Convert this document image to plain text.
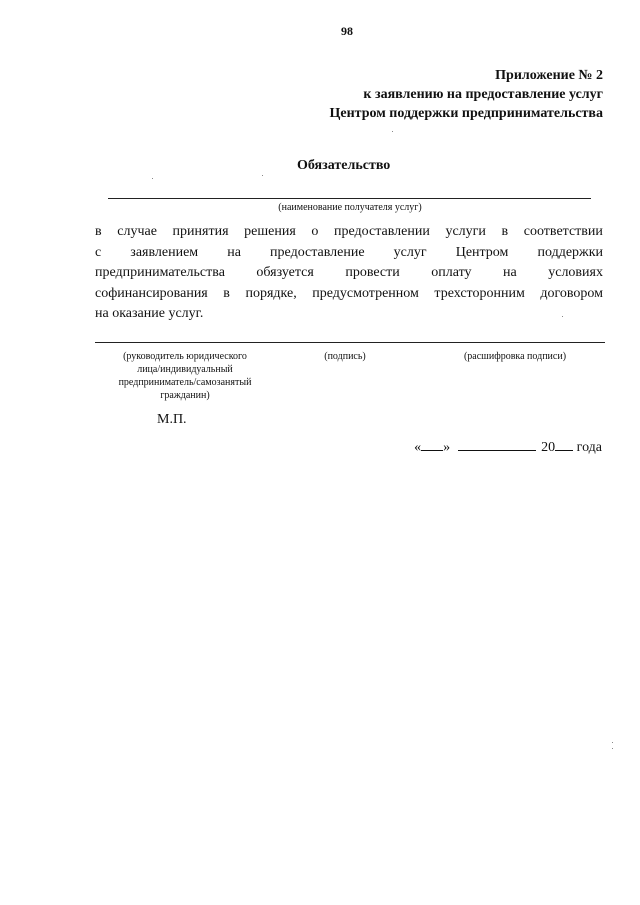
98
Приложение № 2
к заявлению на предоставление услуг
Центром поддержки предпринимательства
Обязательство
(наименование получателя услуг)
в случае принятия решения о предоставлении услуги в соответствии
с заявлением на предоставление услуг Центром поддержки
предпринимательства обязуется провести оплату на условиях
софинансирования в порядке, предусмотренном трехсторонним договором
на оказание услуг.
(руководитель юридического
лица/индивидуальный
предприниматель/самозанятый
гражданин)
(подпись)	(расшифровка подписи)
М.П.
« »	20 года
